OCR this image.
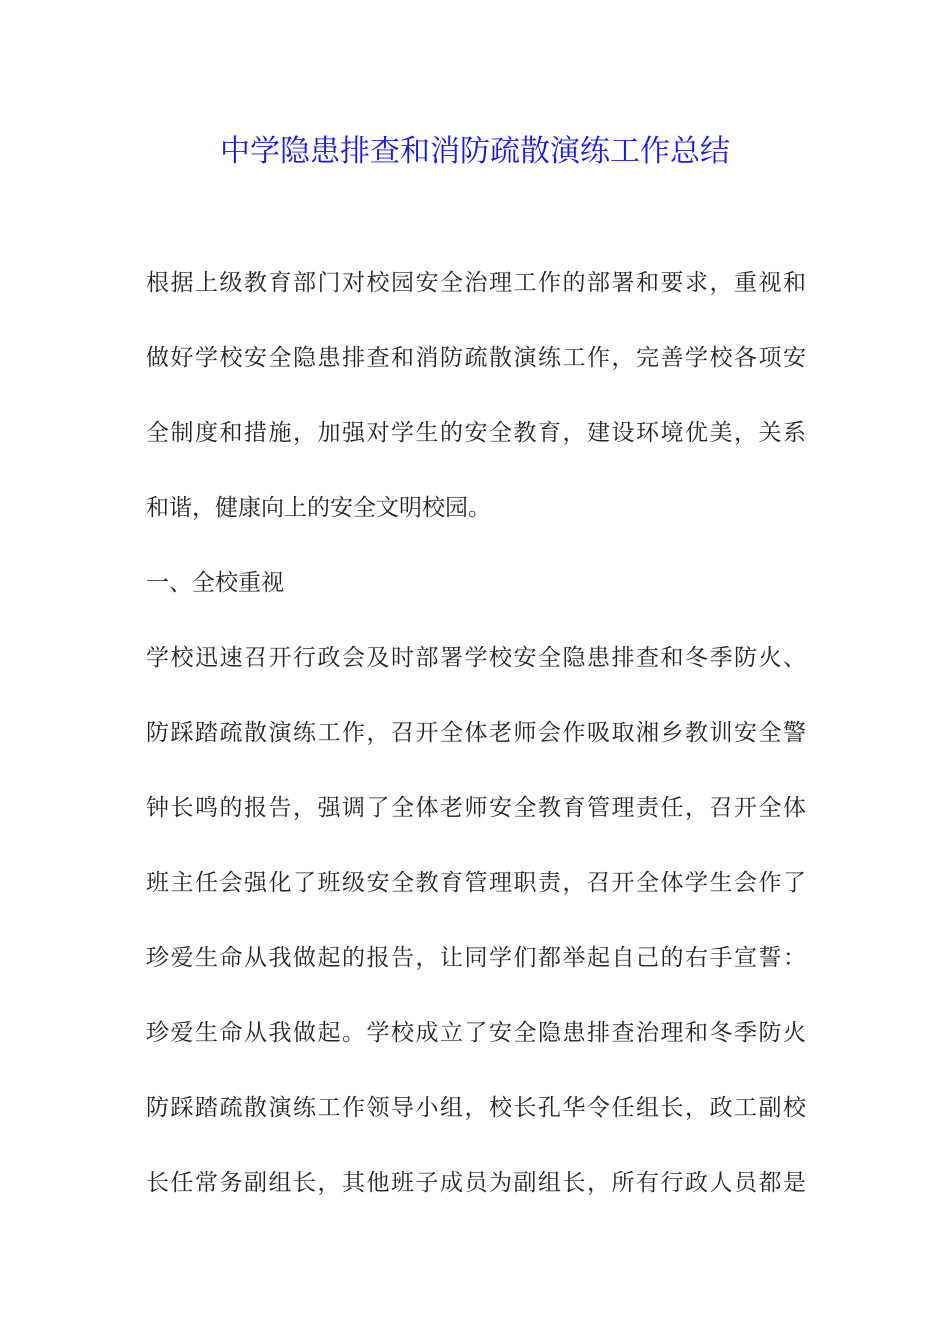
中学隐患排查和消防疏散演练工作总结

根据上级教育部门对校园安全治理工作的部署和要求，重视和

做好学校安全隐患排查和消防疏散演练工作，完善学校各项安

全制度和措施，加强对学生的安全教育，建设环境优美，关系

和谐，健康向上的安全文明校园。

一、全校重视

学校迅速召开行政会及时部署学校安全隐患排查和冬季防火、

防踩踏疏散演练工作，召开全体老师会作吸取湘乡教训安全警

钟长鸣的报告，强调了全体老师安全教育管理责任，召开全体

班主任会强化了班级安全教育管理职责，召开全体学生会作了

珍爱生命从我做起的报告，让同学们都举起自己的右手宣誓：

珍爱生命从我做起。学校成立了安全隐患排查治理和冬季防火

防踩踏疏散演练工作领导小组，校长孔华令任组长，政工副校

长任常务副组长，其他班子成员为副组长，所有行政人员都是
